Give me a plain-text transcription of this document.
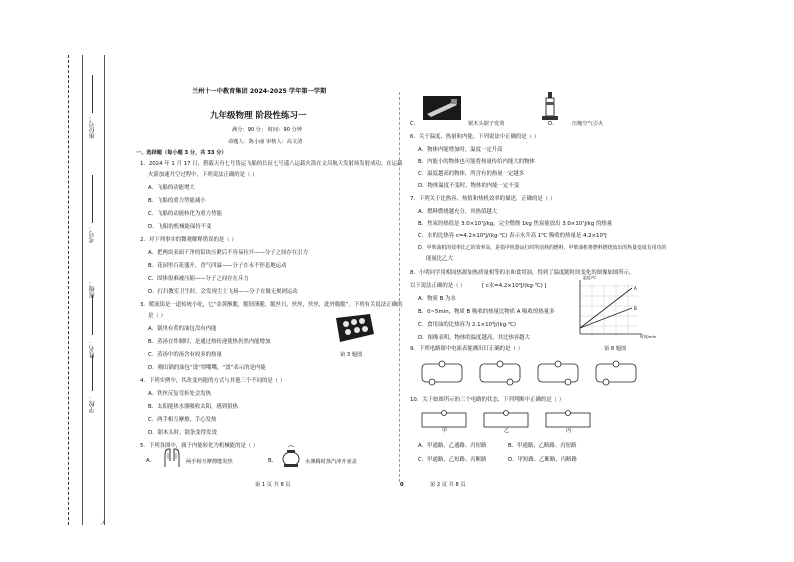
座位号：
考号：
班级：
姓名：
学校：
兰州十一中教育集团 2024-2025 学年第一学期
九年级物理 阶段性练习一
满分：90 分； 时间：90 分钟
命题人：陈小丽 审核人：高文清
一、选择题（每小题 3 分，共 33 分）
1．2024 年 1 月 17 日，搭载天舟七号货运飞船的长征七号遥八运载火箭在文昌航天发射场发射成功。在运载
火箭加速升空过程中，下列说法正确的是（ ）
A．飞船的动能增大
B．飞船的重力势能减小
C．飞船的动能转化为重力势能
D．飞船的机械能保持不变
2．对下列事实的微观解释错误的是（ ）
A．把两块表面干净的铅块压紧后不容易拉开——分子之间存在引力
B．花园里百花盛开，香气四溢——分子在永不停息地运动
C．固体很难被压缩——分子之间存在斥力
D．打扫教室卫生时，会发现尘土飞扬——分子在做无规则运动
3．暖流街是一道传统小吃，它“金黄酥脆，脆韧薄脆，脆丝日，丝丝，丝丝，此外脆脆”。下列有关说法正确的
是（ ）
A．锅里有煮的油包没有内能
B．蒸汤在炸制时，是通过热传递使热仍然内能增加
C．蒸汤中的汤含有较多的热量
D．刚出锅的油包“烫”得嘴嘴，“烫”表示的是内能
第 3 题图
4．下列实例中，其改变内能的方式与其他三个不同的是（ ）
A．铁丝反复弯折处会发热
B．太阳能热水器吸收太阳，感到很热
C．两手相互摩擦，手心发热
D．锯木头时，锯条变得发烫
5．下列各图中，属于内能转化为机械能的是（ ）
A．	两手相互摩擦能发热	B．	水沸腾时蒸汽冲开壶盖
第 1 页 共 8 页	0
C．	锯木头锯子发烫	D．	压缩空气引火
6．关于温度、热量和内能，下列说法中正确的是（ ）
A．物体内能增加时，温度一定升高
B．内能小的物体也可能将热量传给内能大的物体
C．温度越高的物体，所含有的热量一定越多
D．物体温度不变时，物体的内能一定不变
7．下列关于比热容、热值和热机效率的描述，正确的是（ ）
A．燃料燃烧越充分，其热值越大
B．焦炭的热值是 3.0×10⁷J/kg，完全燃烧 1kg 焦炭能放出 3.0×10⁷J/kg 的热量
C．水的比热容 c=4.2×10³J/(kg·℃) 表示水升高 1℃ 吸收的热量是 4.2×10³J
D．甲柴油机的效率比乙的效率高，是指甲机器运行时所消耗的燃料，甲柴油机将燃料燃烧放出的热量变成有用功的
能量比乙大
8．小明同学用相同热源加热质量相等的水和食用油，得到了温度随时间变化的图像如图所示，
以下说法正确的是（ ）	[ c水=4.2×10³J/(kg·℃) ]
A．物质 B 为水
B．0~5min，物质 B 吸收的热量比物质 A 吸收的热量多
C．食用油的比热容为 2.1×10³J/(kg·℃)
D．图像表明，物体的温度越高，其比热容越大
A
B
温度/℃
时间/min
第 8 题图
9．下列电路图中电流表能测出灯正确的是（ ）
10．关于如图所示的三个电路的状态，下列判断中正确的是（ ）
甲	乙	丙
A．甲通路、乙通路、丙短路	B．甲通路、乙断路、丙短路
C．甲通路、乙短路、丙断路	D．甲短路、乙断路、丙断路
第 2 页 共 8 页
